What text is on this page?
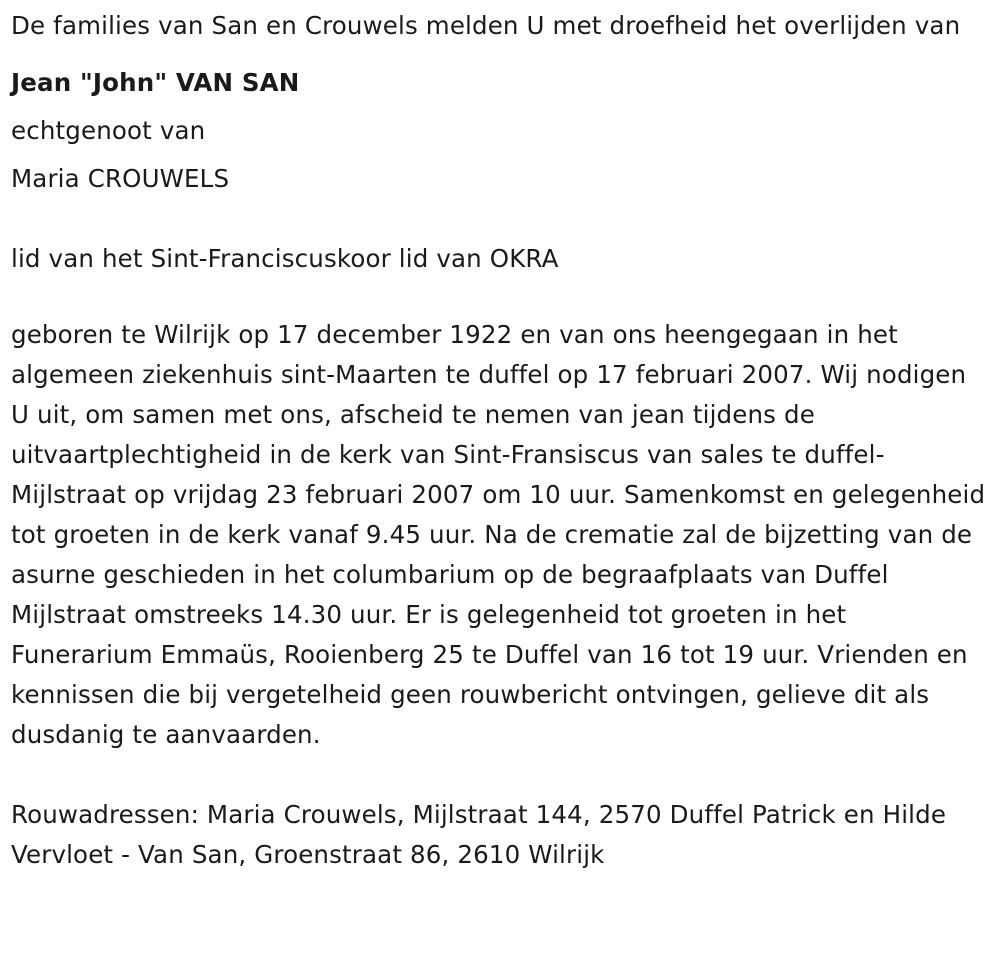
De families van San en Crouwels melden U met droefheid het overlijden van

Jean "John" VAN SAN

echtgenoot van

Maria CROUWELS

lid van het Sint-Franciscuskoor lid van OKRA

geboren te Wilrijk op 17 december 1922 en van ons heengegaan in het algemeen ziekenhuis sint-Maarten te duffel op 17 februari 2007. Wij nodigen U uit, om samen met ons, afscheid te nemen van jean tijdens de uitvaartplechtigheid in de kerk van Sint-Fransiscus van sales te duffel-Mijlstraat op vrijdag 23 februari 2007 om 10 uur. Samenkomst en gelegenheid tot groeten in de kerk vanaf 9.45 uur. Na de crematie zal de bijzetting van de asurne geschieden in het columbarium op de begraafplaats van Duffel Mijlstraat omstreeks 14.30 uur. Er is gelegenheid tot groeten in het Funerarium Emmaüs, Rooienberg 25 te Duffel van 16 tot 19 uur. Vrienden en kennissen die bij vergetelheid geen rouwbericht ontvingen, gelieve dit als dusdanig te aanvaarden.

Rouwadressen: Maria Crouwels, Mijlstraat 144, 2570 Duffel Patrick en Hilde Vervloet - Van San, Groenstraat 86, 2610 Wilrijk
